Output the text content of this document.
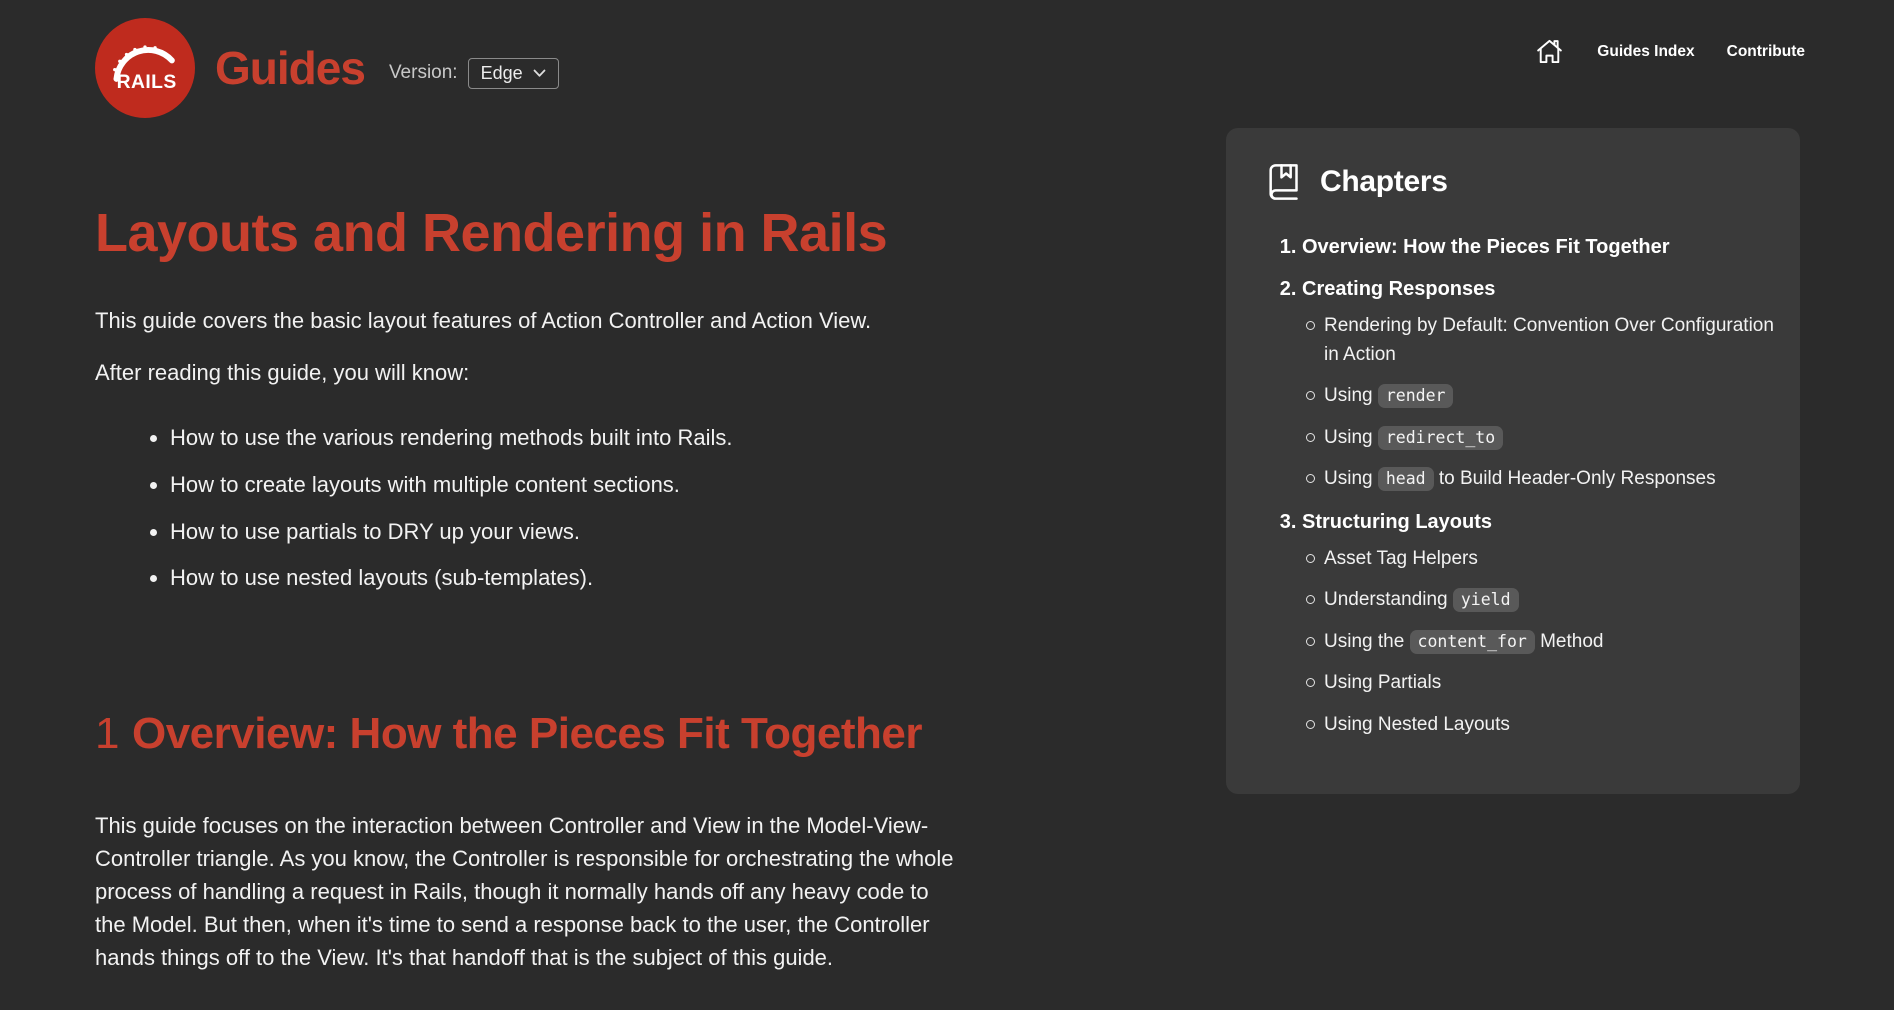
RAILS Guides Version: Edge
Guides Index Contribute
Layouts and Rendering in Rails

This guide covers the basic layout features of Action Controller and Action View.

After reading this guide, you will know:

• How to use the various rendering methods built into Rails.
• How to create layouts with multiple content sections.
• How to use partials to DRY up your views.
• How to use nested layouts (sub-templates).
1 Overview: How the Pieces Fit Together

This guide focuses on the interaction between Controller and View in the Model-View-Controller triangle. As you know, the Controller is responsible for orchestrating the whole process of handling a request in Rails, though it normally hands off any heavy code to the Model. But then, when it's time to send a response back to the user, the Controller hands things off to the View. It's that handoff that is the subject of this guide.

Chapters
1. Overview: How the Pieces Fit Together
2. Creating Responses
Rendering by Default: Convention Over Configuration in Action
Using render
Using redirect_to
Using head to Build Header-Only Responses
3. Structuring Layouts
Asset Tag Helpers
Understanding yield
Using the content_for Method
Using Partials
Using Nested Layouts
